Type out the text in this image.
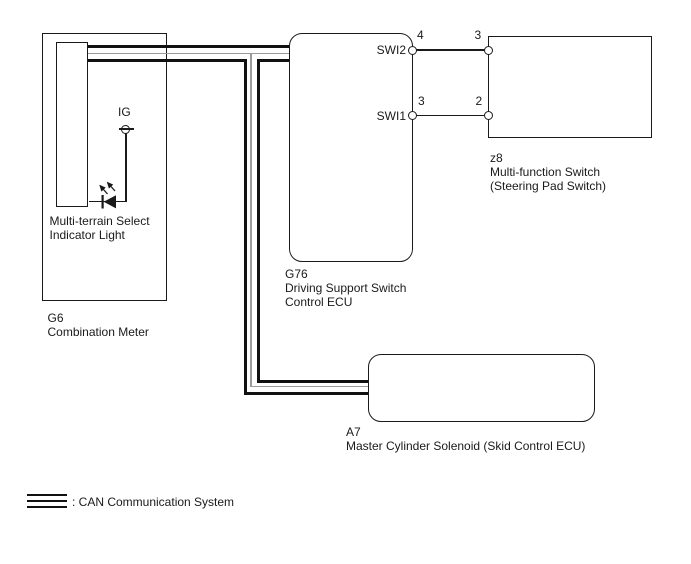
IG
Multi-terrain Select
Indicator Light
G6
Combination Meter
SWI2
SWI1
G76
Driving Support Switch
Control ECU
z8
Multi-function Switch
(Steering Pad Switch)
4	3
3	2
A7
Master Cylinder Solenoid (Skid Control ECU)
: CAN Communication System
